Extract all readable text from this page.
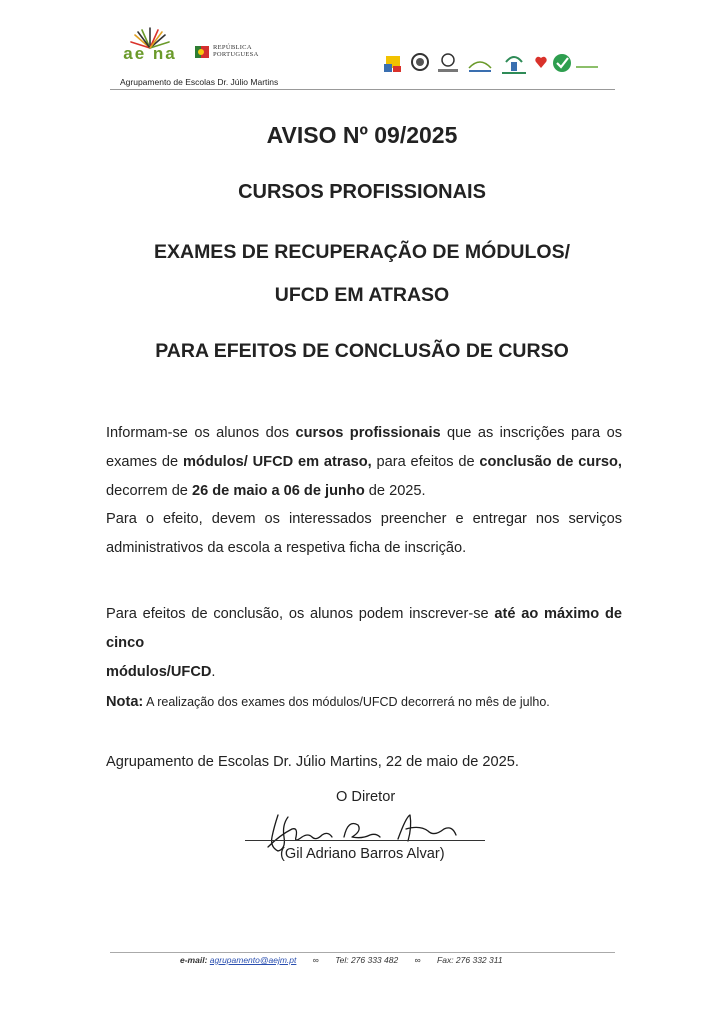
ae na	REPÚBLICA
PORTUGUESA
Agrupamento de Escolas Dr. Júlio Martins
AVISO Nº 09/2025
CURSOS PROFISSIONAIS
EXAMES DE RECUPERAÇÃO DE MÓDULOS/
UFCD EM ATRASO
PARA EFEITOS DE CONCLUSÃO DE CURSO
Informam-se os alunos dos cursos profissionais que as inscrições para os
exames de módulos/ UFCD em atraso, para efeitos de conclusão de curso,
decorrem de 26 de maio a 06 de junho de 2025.
Para o efeito, devem os interessados preencher e entregar nos serviços
administrativos da escola a respetiva ficha de inscrição.
Para efeitos de conclusão, os alunos podem inscrever-se até ao máximo de cinco
módulos/UFCD.
Nota: A realização dos exames dos módulos/UFCD decorrerá no mês de julho.
Agrupamento de Escolas Dr. Júlio Martins, 22 de maio de 2025.
O Diretor
(Gil Adriano Barros Alvar)
e-mail: agrupamento@aejm.pt ∞ Tel: 276 333 482 ∞ Fax: 276 332 311
